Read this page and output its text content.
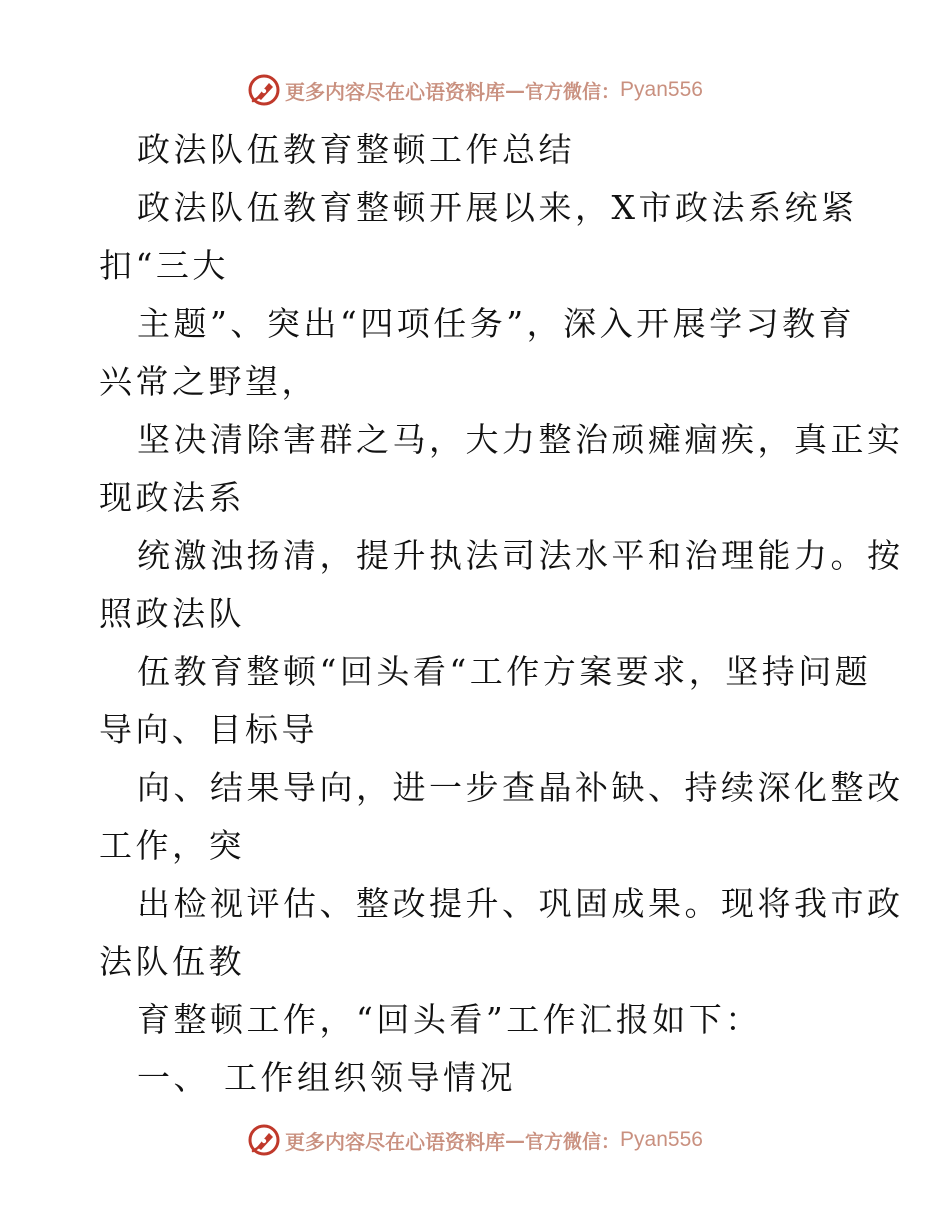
更多内容尽在心语资料库 — 官方微信： Pyan556
政法队伍教育整顿工作总结
政法队伍教育整顿开展以来，X市政法系统紧
扣“三大
主题”、突出“四项任务”，深入开展学习教育
兴常之野望，
坚决清除害群之马，大力整治顽瘫痼疾，真正实
现政法系
统激浊扬清，提升执法司法水平和治理能力。按
照政法队
伍教育整顿“回头看“工作方案要求，坚持问题
导向、目标导
向、结果导向，进一步查晶补缺、持续深化整改
工作，突
出检视评估、整改提升、巩固成果。现将我市政
法队伍教
育整顿工作，“回头看”工作汇报如下：
一、 工作组织领导情况
更多内容尽在心语资料库 — 官方微信： Pyan556
